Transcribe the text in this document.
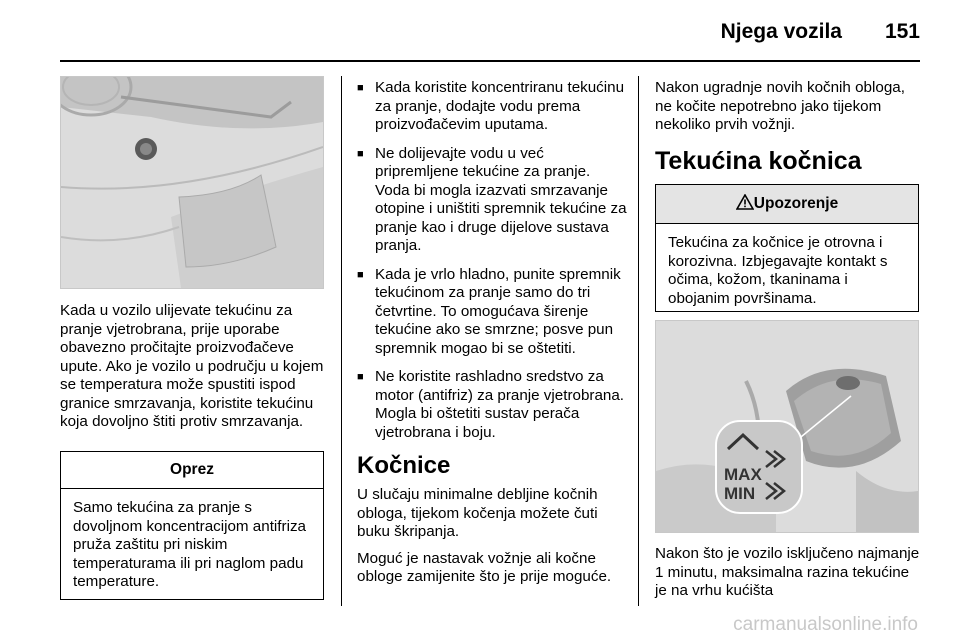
Njega vozila 151

Kada u vozilo ulijevate tekućinu za pranje vjetrobrana, prije uporabe obavezno pročitajte proizvođačeve upute. Ako je vozilo u području u kojem se temperatura može spustiti ispod granice smrzavanja, koristite tekućinu koja dovoljno štiti protiv smrzavanja.

Oprez
Samo tekućina za pranje s dovoljnom koncentracijom antifriza pruža zaštitu pri niskim temperaturama ili pri naglom padu temperature.
■ Kada koristite koncentriranu tekućinu za pranje, dodajte vodu prema proizvođačevim uputama.
■ Ne dolijevajte vodu u već pripremljene tekućine za pranje. Voda bi mogla izazvati smrzavanje otopine i uništiti spremnik tekućine za pranje kao i druge dijelove sustava pranja.
■ Kada je vrlo hladno, punite spremnik tekućinom za pranje samo do tri četvrtine. To omogućava širenje tekućine ako se smrzne; posve pun spremnik mogao bi se oštetiti.
■ Ne koristite rashladno sredstvo za motor (antifriz) za pranje vjetrobrana. Mogla bi oštetiti sustav perača vjetrobrana i boju.
Kočnice

U slučaju minimalne debljine kočnih obloga, tijekom kočenja možete čuti buku škripanja.

Moguć je nastavak vožnje ali kočne obloge zamijenite što je prije moguće.

Nakon ugradnje novih kočnih obloga, ne kočite nepotrebno jako tijekom nekoliko prvih vožnji.

Tekućina kočnica
Upozorenje
Tekućina za kočnice je otrovna i korozivna. Izbjegavajte kontakt s očima, kožom, tkaninama i obojanim površinama.
MAX
MIN

Nakon što je vozilo isključeno najmanje 1 minutu, maksimalna razina tekućine je na vrhu kućišta

carmanualsonline.info
